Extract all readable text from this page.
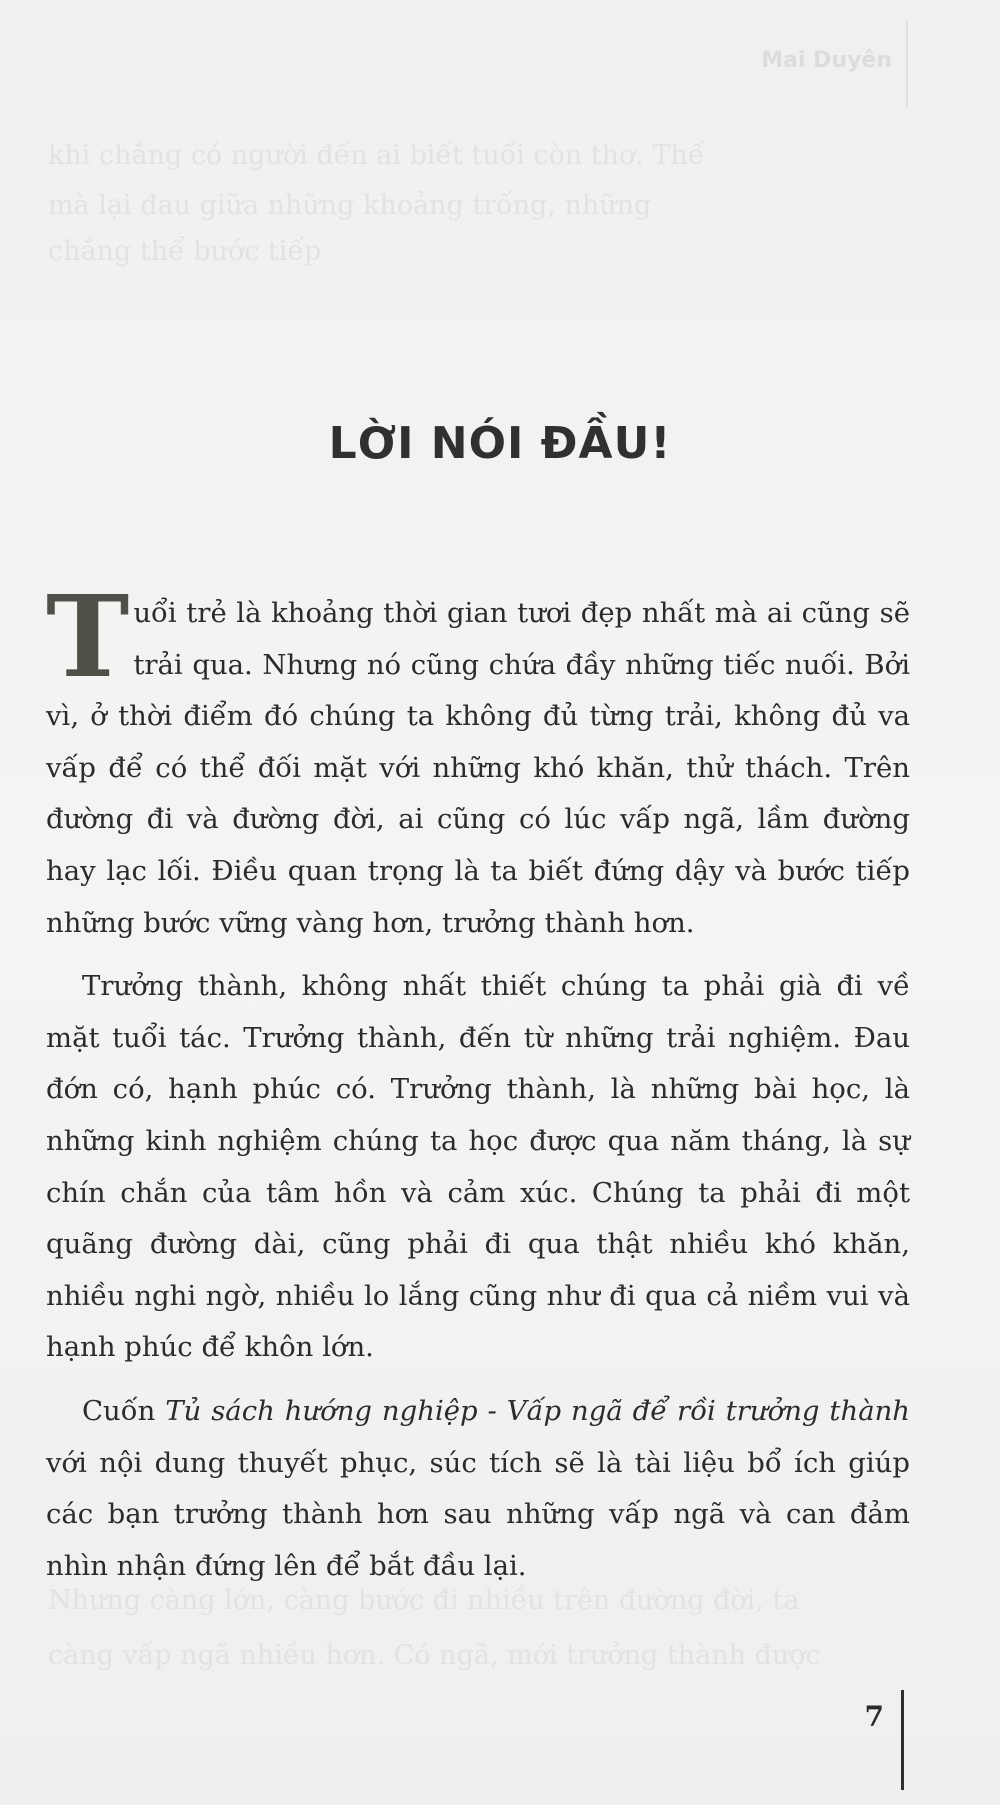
Mai Duyên
khi chẳng có người đến ai biết tuổi còn thơ. Thế
mà lại đau giữa những khoảng trống, những
chẳng thể bước tiếp
Nhưng càng lớn, càng bước đi nhiều trên đường đời, ta
càng vấp ngã nhiều hơn. Có ngã, mới trưởng thành được
LỜI NÓI ĐẦU!

Tuổi trẻ là khoảng thời gian tươi đẹp nhất mà ai cũng sẽ trải qua. Nhưng nó cũng chứa đầy những tiếc nuối. Bởi vì, ở thời điểm đó chúng ta không đủ từng trải, không đủ va vấp để có thể đối mặt với những khó khăn, thử thách. Trên đường đi và đường đời, ai cũng có lúc vấp ngã, lầm đường hay lạc lối. Điều quan trọng là ta biết đứng dậy và bước tiếp những bước vững vàng hơn, trưởng thành hơn.

Trưởng thành, không nhất thiết chúng ta phải già đi về mặt tuổi tác. Trưởng thành, đến từ những trải nghiệm. Đau đớn có, hạnh phúc có. Trưởng thành, là những bài học, là những kinh nghiệm chúng ta học được qua năm tháng, là sự chín chắn của tâm hồn và cảm xúc. Chúng ta phải đi một quãng đường dài, cũng phải đi qua thật nhiều khó khăn, nhiều nghi ngờ, nhiều lo lắng cũng như đi qua cả niềm vui và hạnh phúc để khôn lớn.

Cuốn Tủ sách hướng nghiệp - Vấp ngã để rồi trưởng thành với nội dung thuyết phục, súc tích sẽ là tài liệu bổ ích giúp các bạn trưởng thành hơn sau những vấp ngã và can đảm nhìn nhận đứng lên để bắt đầu lại.

7
